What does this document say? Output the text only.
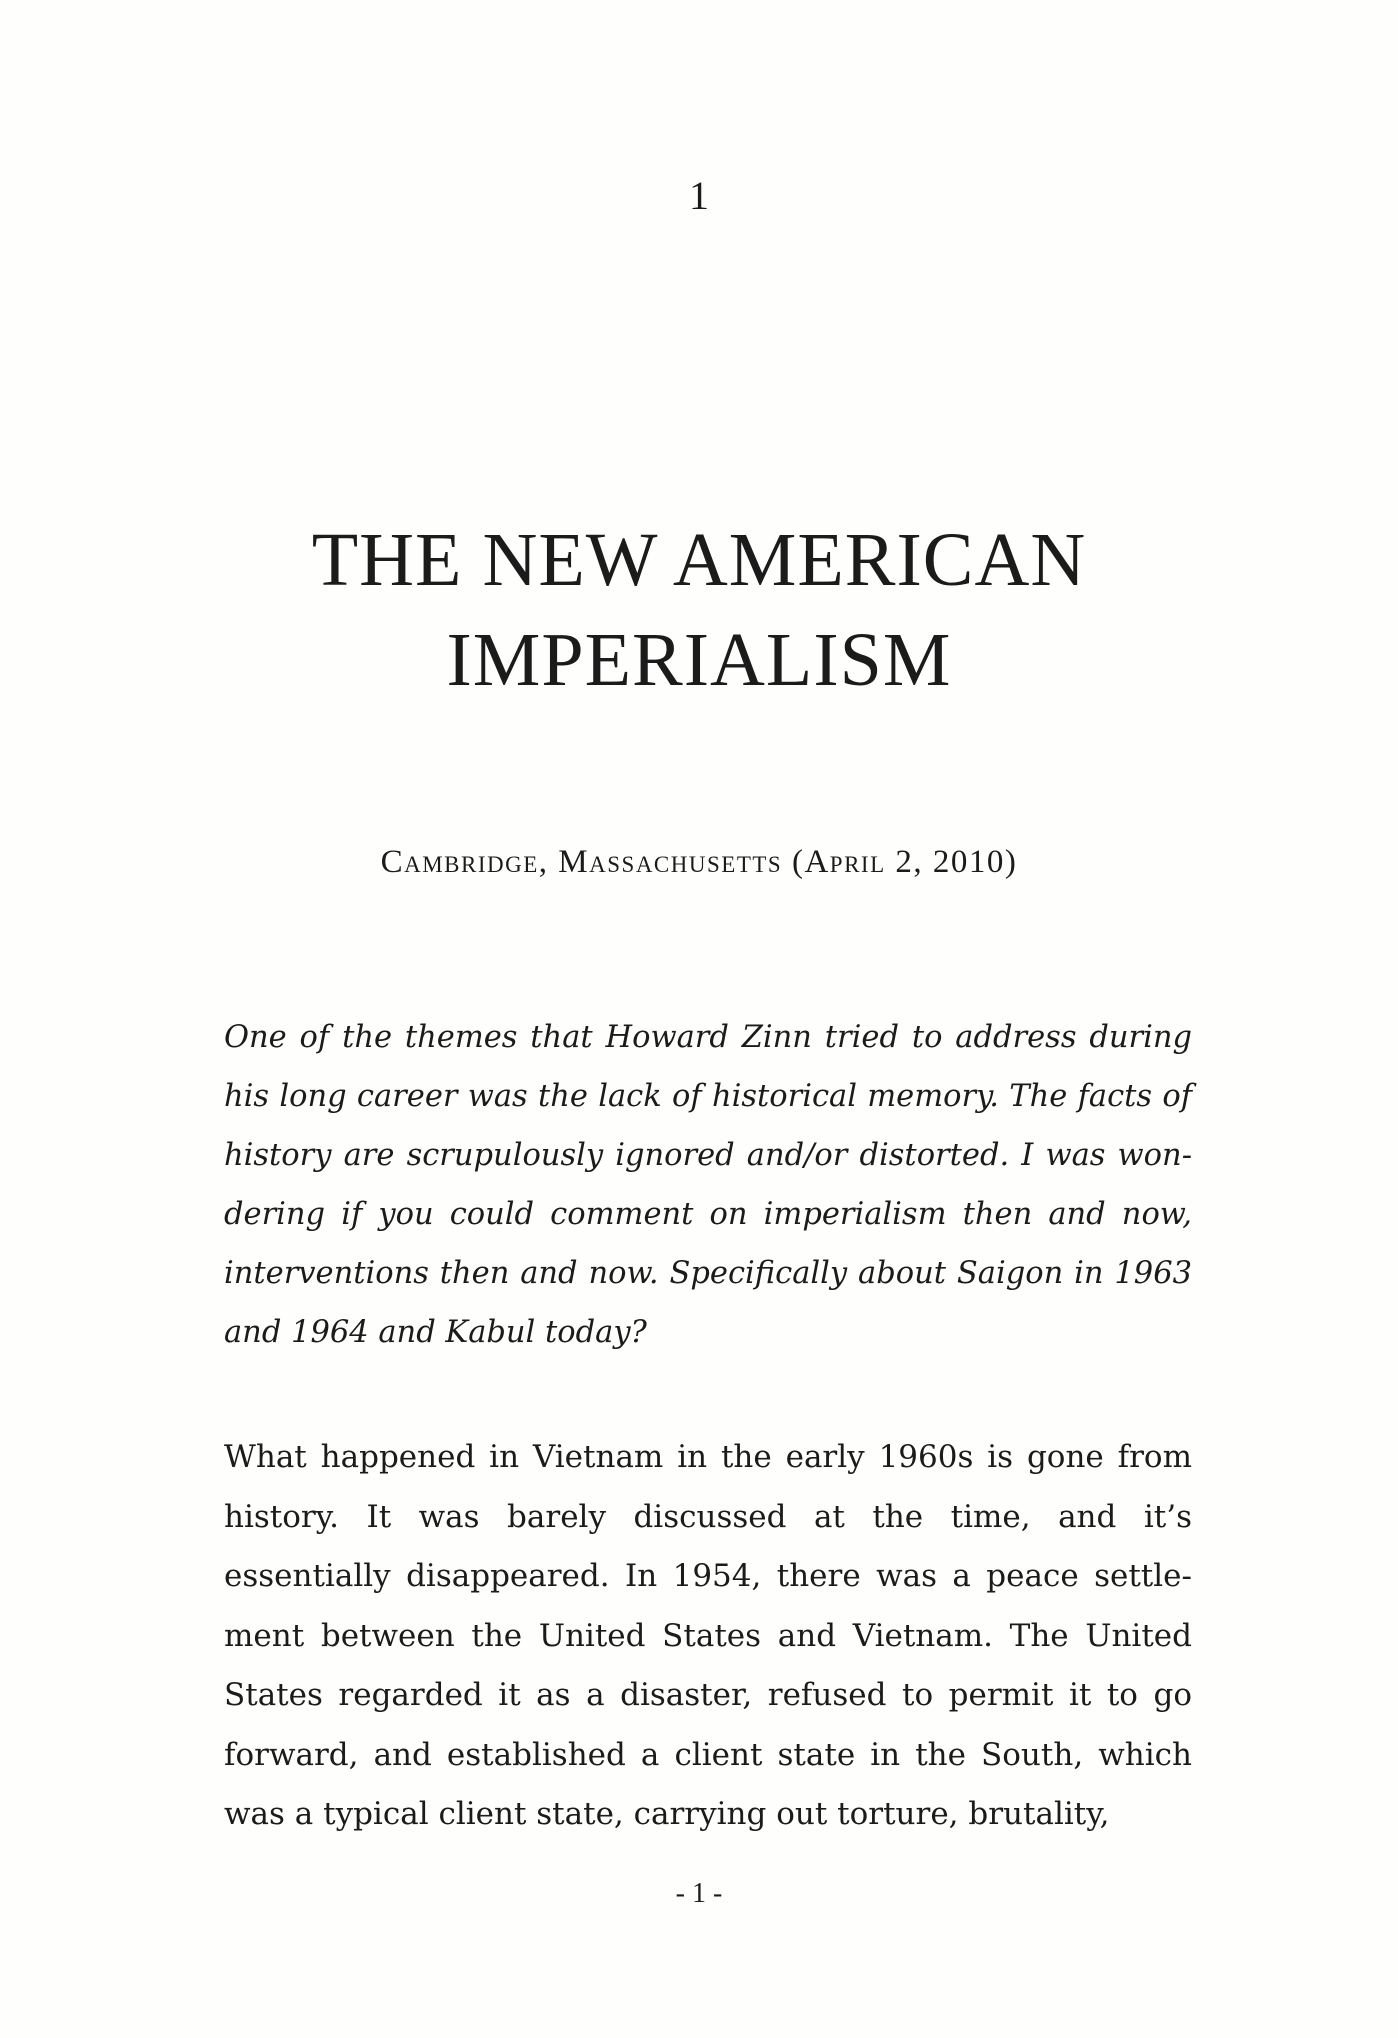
1
THE NEW AMERICAN
IMPERIALISM
Cambridge, Massachusetts (April 2, 2010)

One of the themes that Howard Zinn tried to address during his long career was the lack of historical memory. The facts of history are scrupulously ignored and/or distorted. I was wondering if you could comment on imperialism then and now, interventions then and now. Specifically about Saigon in 1963 and 1964 and Kabul today?

What happened in Vietnam in the early 1960s is gone from history. It was barely discussed at the time, and it’s essentially disappeared. In 1954, there was a peace settlement between the United States and Vietnam. The United States regarded it as a disaster, refused to permit it to go forward, and established a client state in the South, which was a typical client state, carrying out torture, brutality,

- 1 -
